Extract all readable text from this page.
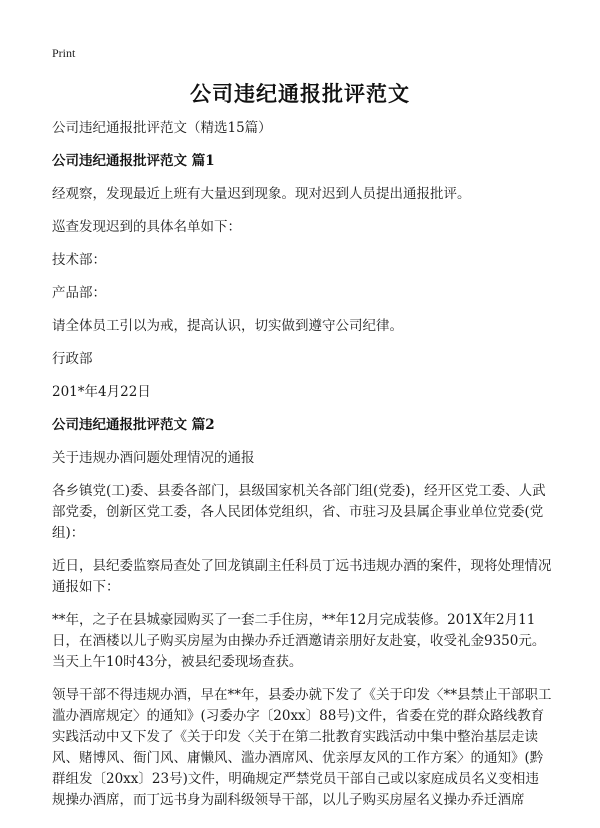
Print
公司违纪通报批评范文

公司违纪通报批评范文（精选15篇）

公司违纪通报批评范文 篇1

经观察，发现最近上班有大量迟到现象。现对迟到人员提出通报批评。

巡查发现迟到的具体名单如下：

技术部：

产品部：

请全体员工引以为戒，提高认识，切实做到遵守公司纪律。

行政部

201*年4月22日

公司违纪通报批评范文 篇2

关于违规办酒问题处理情况的通报

各乡镇党(工)委、县委各部门，县级国家机关各部门组(党委)，经开区党工委、人武部党委，创新区党工委，各人民团体党组织，省、市驻习及县属企事业单位党委(党组)：

近日，县纪委监察局查处了回龙镇副主任科员丁远书违规办酒的案件，现将处理情况通报如下：

**年，之子在县城豪园购买了一套二手住房，**年12月完成装修。201X年2月11日，在酒楼以儿子购买房屋为由操办乔迁酒邀请亲朋好友赴宴，收受礼金9350元。当天上午10时43分，被县纪委现场查获。

领导干部不得违规办酒，早在**年，县委办就下发了《关于印发〈**县禁止干部职工滥办酒席规定〉的通知》(习委办字〔20xx〕88号)文件，省委在党的群众路线教育实践活动中又下发了《关于印发〈关于在第二批教育实践活动中集中整治基层走读风、赌博风、衙门风、庸懒风、滥办酒席风、优亲厚友风的工作方案〉的通知》(黔群组发〔20xx〕23号)文件，明确规定严禁党员干部自己或以家庭成员名义变相违规操办酒席，而丁远书身为副科级领导干部，以儿子购买房屋名义操办乔迁酒席
